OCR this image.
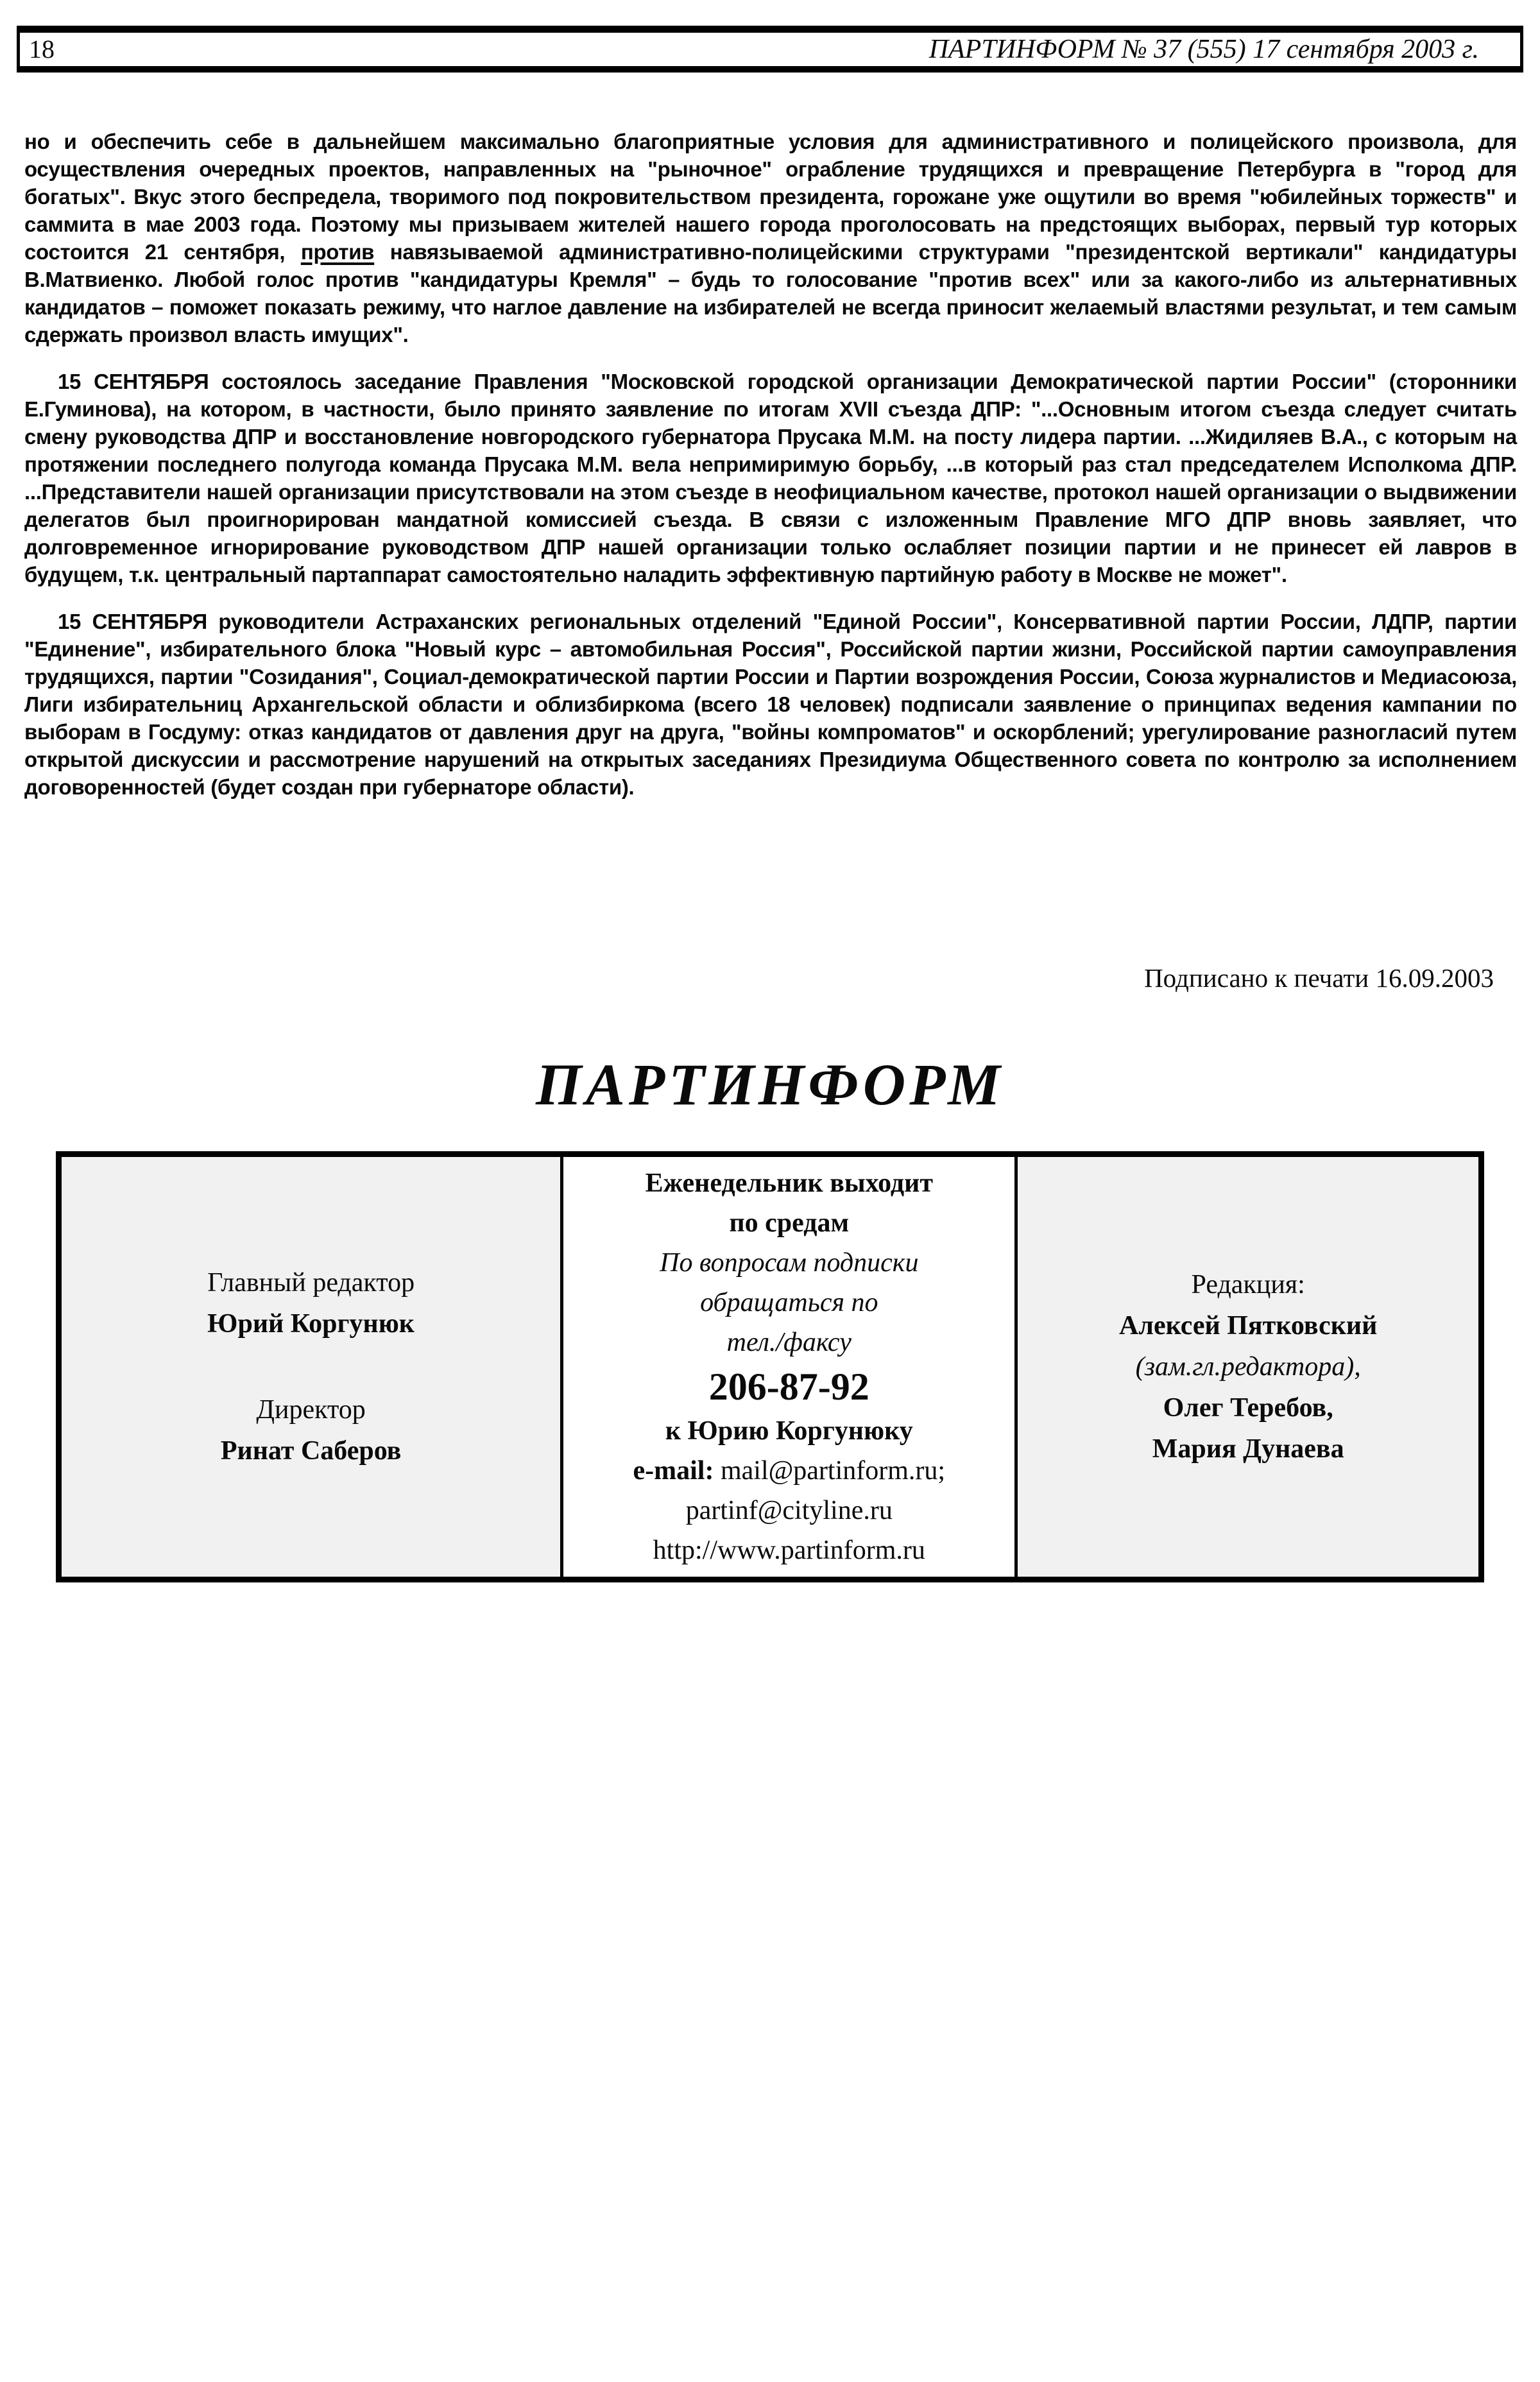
18	ПАРТИНФОРМ № 37 (555) 17 сентября 2003 г.

но и обеспечить себе в дальнейшем максимально благоприятные условия для административного и полицейского произвола, для осуществления очередных проектов, направленных на "рыночное" ограбление трудящихся и превращение Петербурга в "город для богатых". Вкус этого беспредела, творимого под покровительством президента, горожане уже ощутили во время "юбилейных торжеств" и саммита в мае 2003 года. Поэтому мы призываем жителей нашего города проголосовать на предстоящих выборах, первый тур которых состоится 21 сентября, против навязываемой административно-полицейскими структурами "президентской вертикали" кандидатуры В.Матвиенко. Любой голос против "кандидатуры Кремля" – будь то голосование "против всех" или за какого-либо из альтернативных кандидатов – поможет показать режиму, что наглое давление на избирателей не всегда приносит желаемый властями результат, и тем самым сдержать произвол власть имущих".

15 СЕНТЯБРЯ состоялось заседание Правления "Московской городской организации Демократической партии России" (сторонники Е.Гуминова), на котором, в частности, было принято заявление по итогам XVII съезда ДПР: "...Основным итогом съезда следует считать смену руководства ДПР и восстановление новгородского губернатора Прусака М.М. на посту лидера партии. ...Жидиляев В.А., с которым на протяжении последнего полугода команда Прусака М.М. вела непримиримую борьбу, ...в который раз стал председателем Исполкома ДПР. ...Представители нашей организации присутствовали на этом съезде в неофициальном качестве, протокол нашей организации о выдвижении делегатов был проигнорирован мандатной комиссией съезда. В связи с изложенным Правление МГО ДПР вновь заявляет, что долговременное игнорирование руководством ДПР нашей организации только ослабляет позиции партии и не принесет ей лавров в будущем, т.к. центральный партаппарат самостоятельно наладить эффективную партийную работу в Москве не может".

15 СЕНТЯБРЯ руководители Астраханских региональных отделений "Единой России", Консервативной партии России, ЛДПР, партии "Единение", избирательного блока "Новый курс – автомобильная Россия", Российской партии жизни, Российской партии самоуправления трудящихся, партии "Созидания", Социал-демократической партии России и Партии возрождения России, Союза журналистов и Медиасоюза, Лиги избирательниц Архангельской области и облизбиркома (всего 18 человек) подписали заявление о принципах ведения кампании по выборам в Госдуму: отказ кандидатов от давления друг на друга, "войны компроматов" и оскорблений; урегулирование разногласий путем открытой дискуссии и рассмотрение нарушений на открытых заседаниях Президиума Общественного совета по контролю за исполнением договоренностей (будет создан при губернаторе области).

Подписано к печати 16.09.2003
ПАРТИНФОРМ
Главный редактор
Юрий Коргунюк
Директор
Ринат Саберов
Еженедельник выходит
по средам
По вопросам подписки
обращаться по
тел./факсу
206-87-92
к Юрию Коргунюку
e-mail: mail@partinform.ru;
partinf@cityline.ru
http://www.partinform.ru
Редакция:
Алексей Пятковский
(зам.гл.редактора),
Олег Теребов,
Мария Дунаева
